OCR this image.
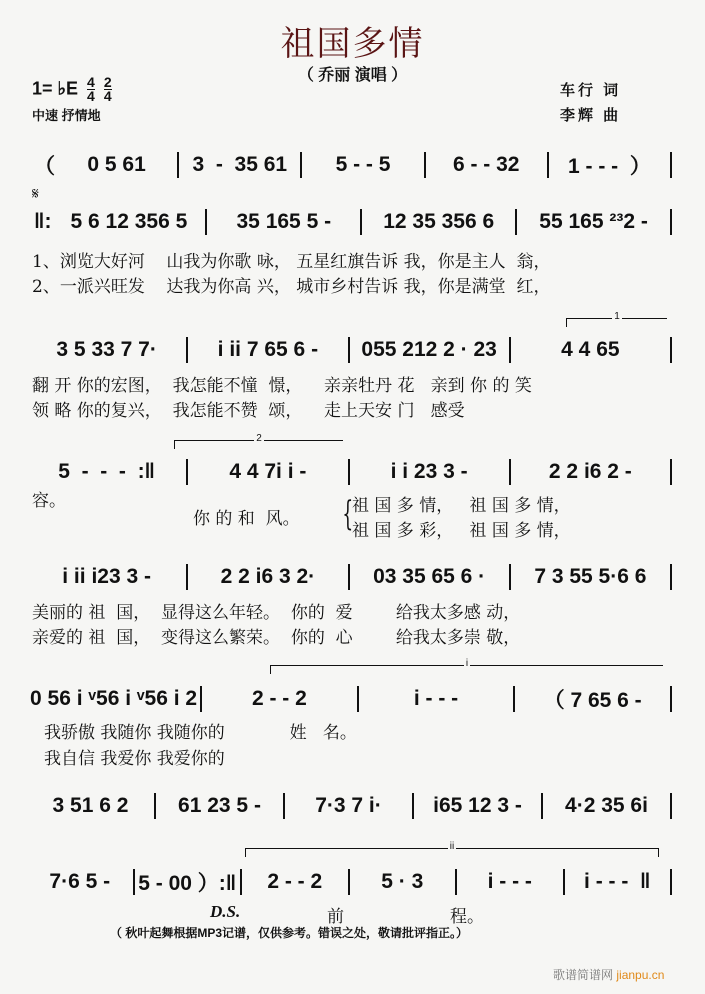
祖国多情
（ 乔丽 演唱 ）
1= ♭E $\frac{4}{4}$
$\frac{2}{4}$
中速 抒情地
车行 词
李辉 曲
𝄋
（	0 5 61	3  -  35 61	5 - - 5	6 - - 32	1 - - -  ）
‖: 5 6 12 356 5	35 165 5 -	12 35 356 6	55 165 ²³2 -
3 5 33 7 7·	i ii 7 65 6 -	055 212 2 · 23	4 4 65
5  -  -  -  :‖	4 4 7i i -	i i 23 3 -	2 2 i6 2 -
i ii i23 3 -	2 2 i6 3 2·	03 35 65 6 ·	7 3 55 5·6 6
0 56 i ᵛ56 i ᵛ56 i 2	2 - - 2	i - - -	（ 7 65 6 -
3 51 6 2	61 23 5 -	7·3 7 i·	i65 12 3 -	4·2 35 6i
7·6 5 -	5 - 00 ）:‖	2 - - 2	5 · 3	i - - -	i - - -  ‖
1、浏览大好河    山我为你歌 咏， 五星红旗告诉 我，你是主人  翁，
2、一派兴旺发    达我为你高 兴， 城市乡村告诉 我，你是满堂  红，
翻 开 你的宏图，  我怎能不憧  憬，    亲亲牡丹 花   亲到 你 的 笑
领 略 你的复兴，  我怎能不赞  颂，    走上天安 门   感受
容。
你 的 和  风。 {
祖 国 多 情，   祖 国 多 情，
祖 国 多 彩，   祖 国 多 情，
美丽的 祖  国，  显得这么年轻。  你的  爱        给我太多感 动，
亲爱的 祖  国，  变得这么繁荣。  你的  心        给我太多崇 敬，
我骄傲 我随你 我随你的            姓   名。
我自信 我爱你 我爱你的
前	程。
1
2
i
ii
D.S.
（ 秋叶起舞根据MP3记谱，仅供参考。错误之处，敬请批评指正。）
歌谱简谱网 jianpu.cn
